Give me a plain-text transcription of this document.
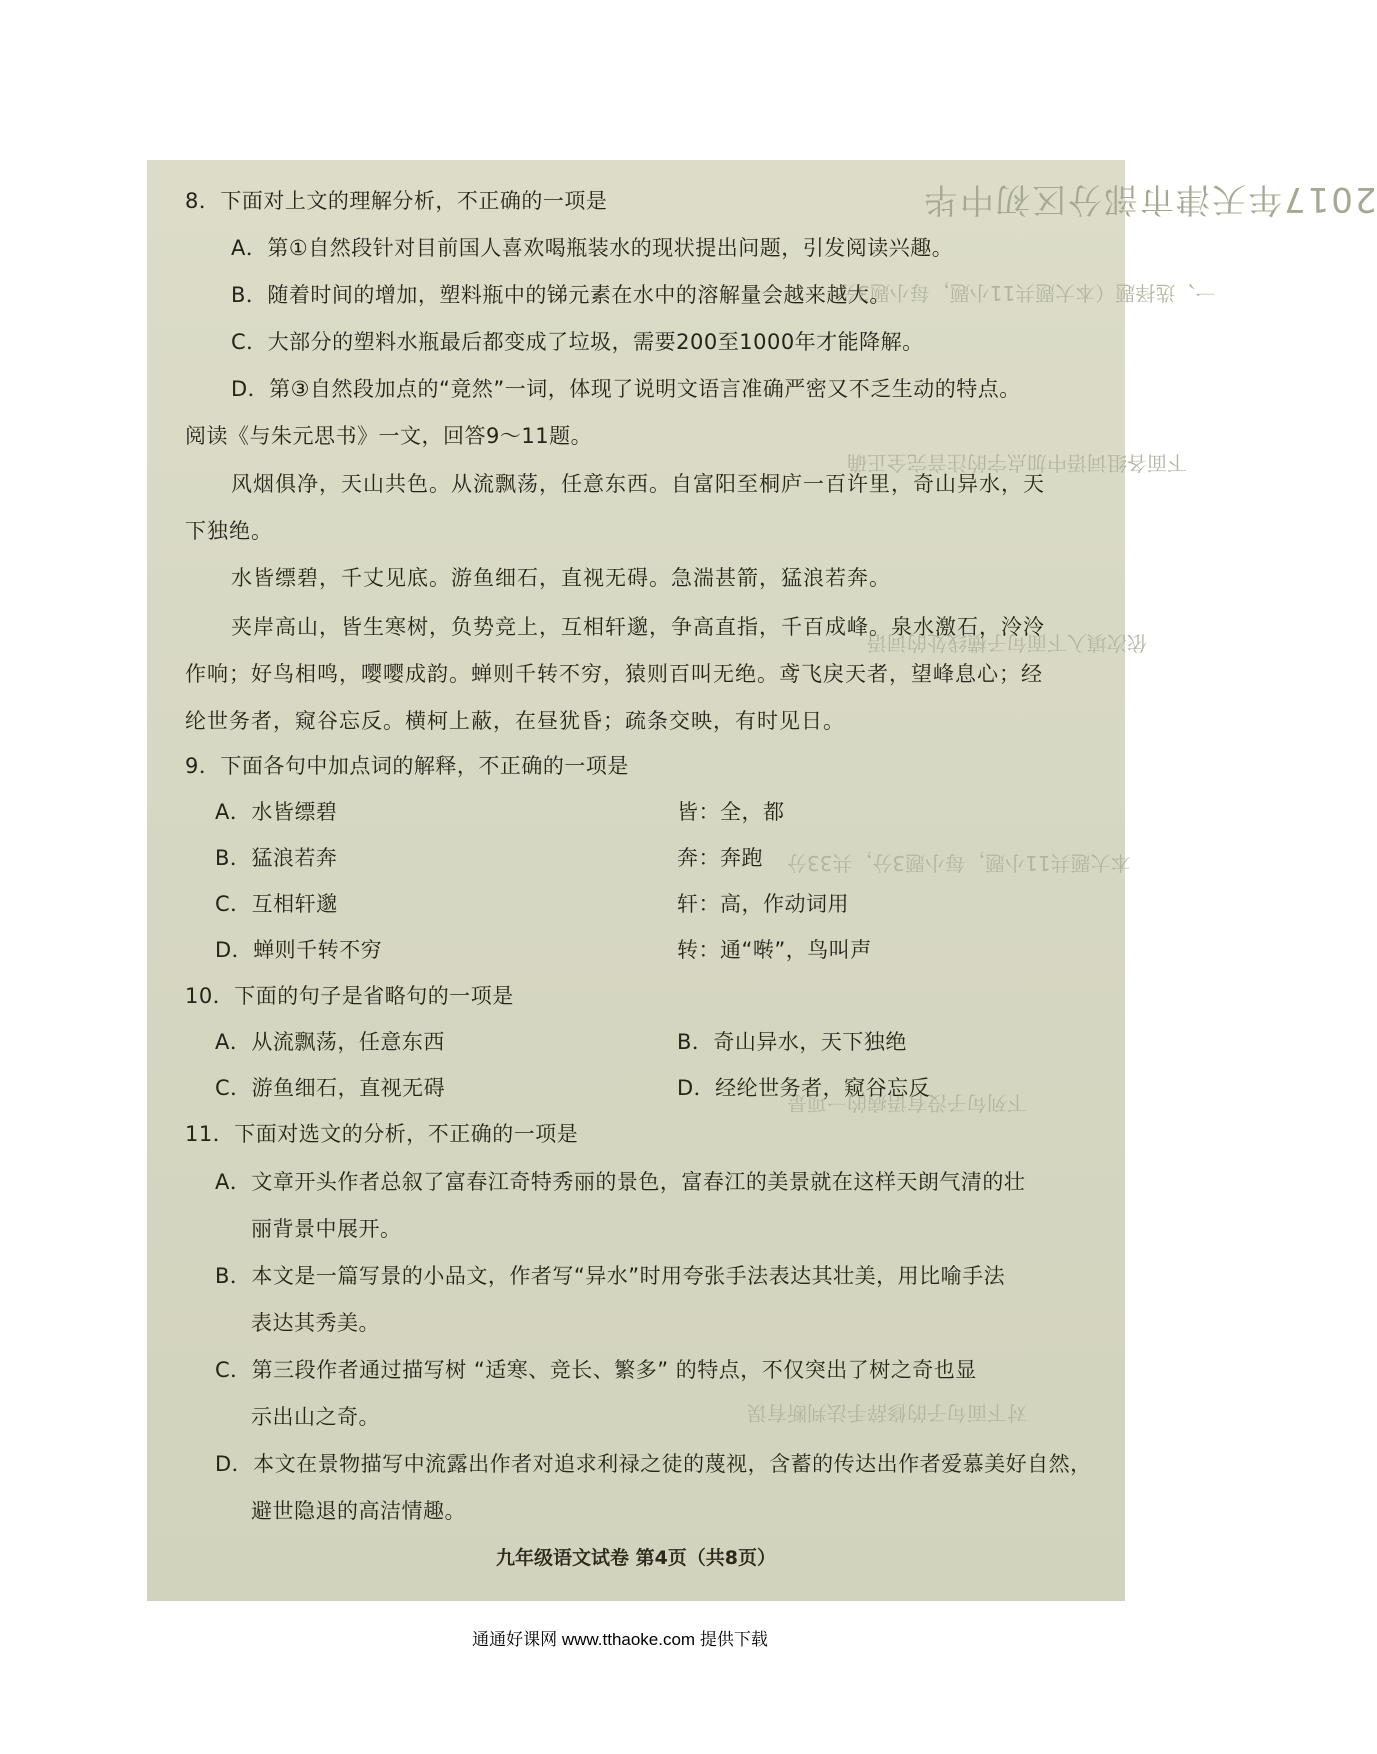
2017年天津市部分区初中毕
一、选择题（本大题共11小题，每小题3分
下面各组词语中加点字的注音完全正确
依次填入下面句子横线处的词语
本大题共11小题，每小题3分，共33分
下列句子没有语病的一项是
对下面句子的修辞手法判断有误
8．下面对上文的理解分析，不正确的一项是
A．第①自然段针对目前国人喜欢喝瓶装水的现状提出问题，引发阅读兴趣。
B．随着时间的增加，塑料瓶中的锑元素在水中的溶解量会越来越大。
C．大部分的塑料水瓶最后都变成了垃圾，需要200至1000年才能降解。
D．第③自然段加点的“竟然”一词，体现了说明文语言准确严密又不乏生动的特点。
阅读《与朱元思书》一文，回答9～11题。
风烟俱净，天山共色。从流飘荡，任意东西。自富阳至桐庐一百许里，奇山异水，天
下独绝。
水皆缥碧，千丈见底。游鱼细石，直视无碍。急湍甚箭，猛浪若奔。
夹岸高山，皆生寒树，负势竞上，互相轩邈，争高直指，千百成峰。泉水激石，泠泠
作响；好鸟相鸣，嘤嘤成韵。蝉则千转不穷，猿则百叫无绝。鸢飞戾天者，望峰息心；经
纶世务者，窥谷忘反。横柯上蔽，在昼犹昏；疏条交映，有时见日。
9．下面各句中加点词的解释，不正确的一项是
A．水皆缥碧	皆：全，都
B．猛浪若奔	奔：奔跑
C．互相轩邈	轩：高，作动词用
D．蝉则千转不穷	转：通“啭”，鸟叫声
10．下面的句子是省略句的一项是
A．从流飘荡，任意东西	B．奇山异水，天下独绝
C．游鱼细石，直视无碍	D．经纶世务者，窥谷忘反
11．下面对选文的分析，不正确的一项是
A．文章开头作者总叙了富春江奇特秀丽的景色，富春江的美景就在这样天朗气清的壮
丽背景中展开。
B．本文是一篇写景的小品文，作者写“异水”时用夸张手法表达其壮美，用比喻手法
表达其秀美。
C．第三段作者通过描写树 “适寒、竞长、繁多” 的特点，不仅突出了树之奇也显
示出山之奇。
D．本文在景物描写中流露出作者对追求利禄之徒的蔑视，含蓄的传达出作者爱慕美好自然，
避世隐退的高洁情趣。
九年级语文试卷 第4页（共8页）
通通好课网 www.tthaoke.com 提供下载
